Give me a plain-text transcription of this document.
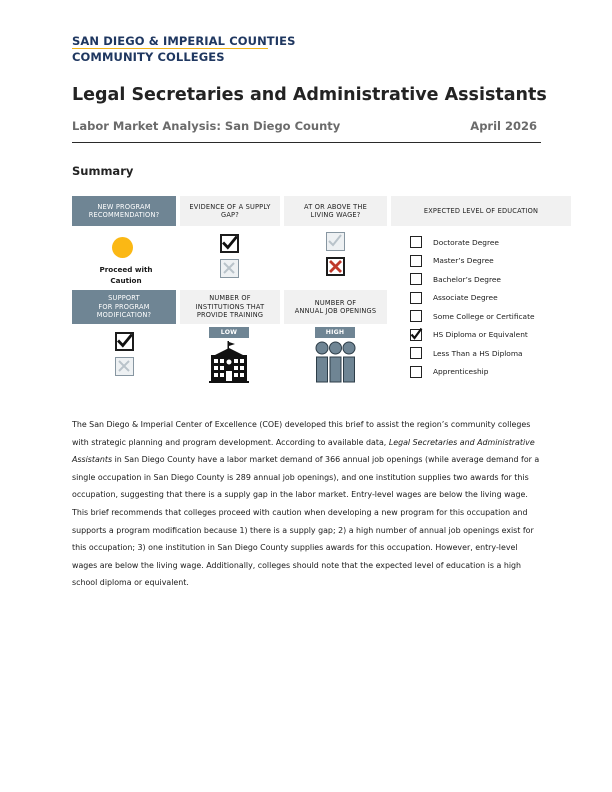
SAN DIEGO & IMPERIAL COUNTIES
COMMUNITY COLLEGES
Legal Secretaries and Administrative Assistants
Labor Market Analysis: San Diego County	April 2026
Summary
NEW PROGRAM
RECOMMENDATION?
EVIDENCE OF A SUPPLY
GAP?
AT OR ABOVE THE
LIVING WAGE?
EXPECTED LEVEL OF EDUCATION
Proceed with
Caution
SUPPORT
FOR PROGRAM
MODIFICATION?
NUMBER OF
INSTITUTIONS THAT
PROVIDE TRAINING
NUMBER OF
ANNUAL JOB OPENINGS
LOW	HIGH
Doctorate Degree
Master’s Degree
Bachelor’s Degree
Associate Degree
Some College or Certificate
HS Diploma or Equivalent
Less Than a HS Diploma
Apprenticeship
The San Diego & Imperial Center of Excellence (COE) developed this brief to assist the region’s community colleges with strategic planning and program development. According to available data, Legal Secretaries and Administrative Assistants in San Diego County have a labor market demand of 366 annual job openings (while average demand for a single occupation in San Diego County is 289 annual job openings), and one institution supplies two awards for this occupation, suggesting that there is a supply gap in the labor market. Entry-level wages are below the living wage. This brief recommends that colleges proceed with caution when developing a new program for this occupation and supports a program modification because 1) there is a supply gap; 2) a high number of annual job openings exist for this occupation; 3) one institution in San Diego County supplies awards for this occupation. However, entry-level wages are below the living wage. Additionally, colleges should note that the expected level of education is a high school diploma or equivalent.
